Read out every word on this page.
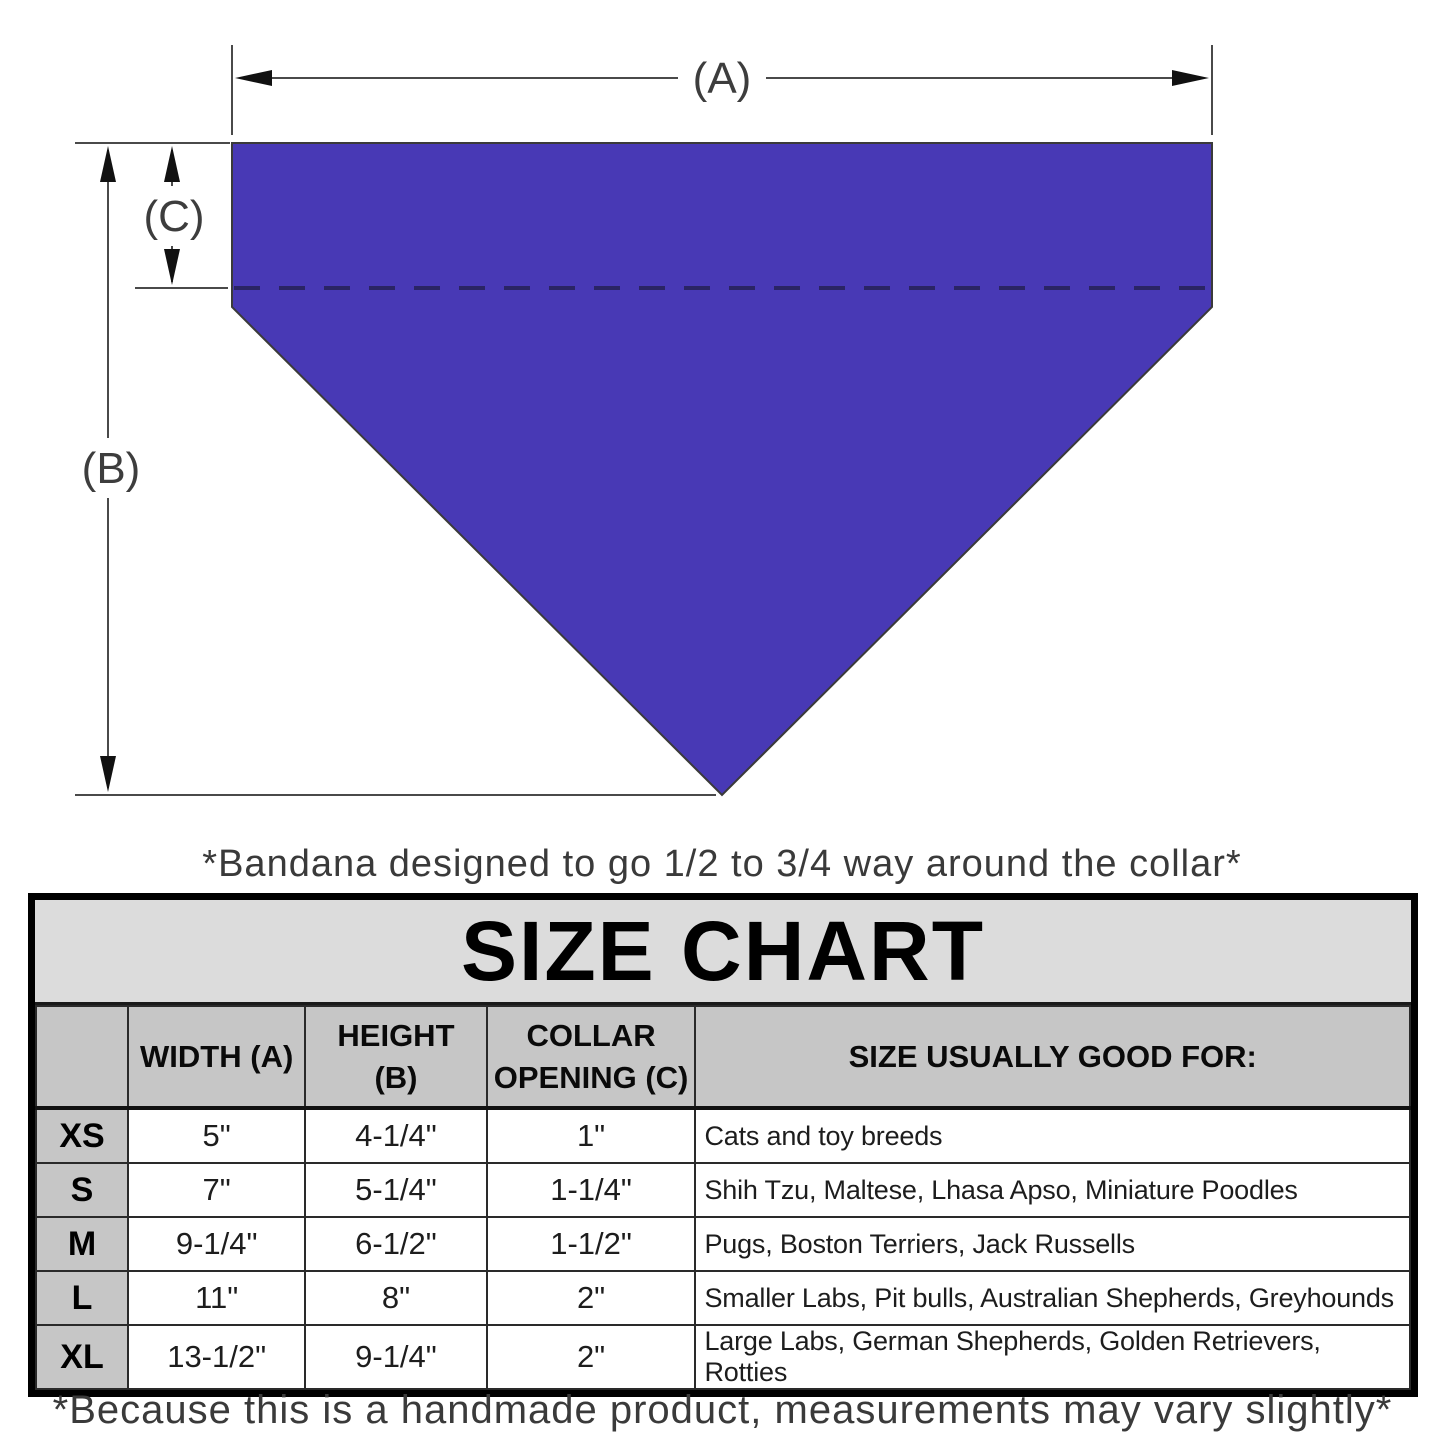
(A)
(C)
(B)
*Bandana designed to go 1/2 to 3/4 way around the collar*
SIZE CHART
	WIDTH (A)	HEIGHT (B)	COLLAR OPENING (C)	SIZE USUALLY GOOD FOR:
XS	5"	4-1/4"	1"	Cats and toy breeds
S	7"	5-1/4"	1-1/4"	Shih Tzu, Maltese, Lhasa Apso, Miniature Poodles
M	9-1/4"	6-1/2"	1-1/2"	Pugs, Boston Terriers, Jack Russells
L	11"	8"	2"	Smaller Labs, Pit bulls, Australian Shepherds, Greyhounds
XL	13-1/2"	9-1/4"	2"	Large Labs, German Shepherds, Golden Retrievers, Rotties
*Because this is a handmade product, measurements may vary slightly*
